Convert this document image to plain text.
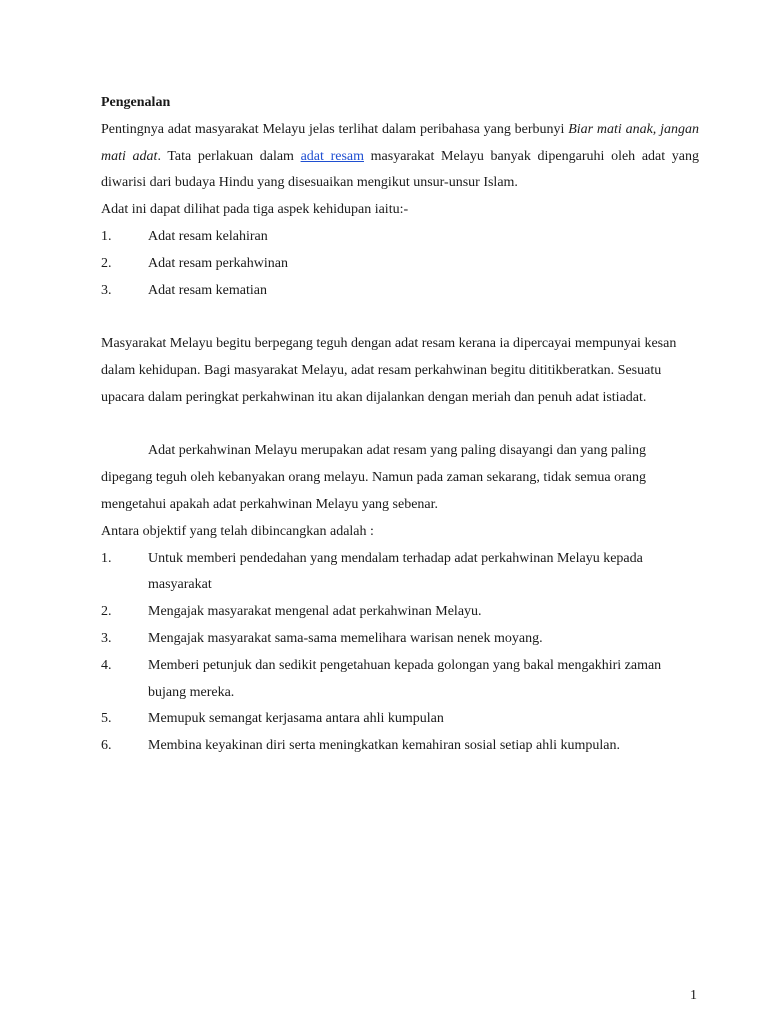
Pengenalan

Pentingnya adat masyarakat Melayu jelas terlihat dalam peribahasa yang berbunyi Biar mati anak, jangan mati adat. Tata perlakuan dalam adat resam masyarakat Melayu banyak dipengaruhi oleh adat yang diwarisi dari budaya Hindu yang disesuaikan mengikut unsur-unsur Islam.

Adat ini dapat dilihat pada tiga aspek kehidupan iaitu:-

1.	Adat resam kelahiran
2.	Adat resam perkahwinan
3.	Adat resam kematian

Masyarakat Melayu begitu berpegang teguh dengan adat resam kerana ia dipercayai mempunyai kesan dalam kehidupan. Bagi masyarakat Melayu, adat resam perkahwinan begitu dititikberatkan. Sesuatu upacara dalam peringkat perkahwinan itu akan dijalankan dengan meriah dan penuh adat istiadat.

Adat perkahwinan Melayu merupakan adat resam yang paling disayangi dan yang paling dipegang teguh oleh kebanyakan orang melayu. Namun pada zaman sekarang, tidak semua orang mengetahui apakah adat perkahwinan Melayu yang sebenar.

Antara objektif yang telah dibincangkan adalah :

1.	Untuk memberi pendedahan yang mendalam terhadap adat perkahwinan Melayu kepada masyarakat
2.	Mengajak masyarakat mengenal adat perkahwinan Melayu.
3.	Mengajak masyarakat sama-sama memelihara warisan nenek moyang.
4.	Memberi petunjuk dan sedikit pengetahuan kepada golongan yang bakal mengakhiri zaman bujang mereka.
5.	Memupuk semangat kerjasama antara ahli kumpulan
6.	Membina keyakinan diri serta meningkatkan kemahiran sosial setiap ahli kumpulan.
1
